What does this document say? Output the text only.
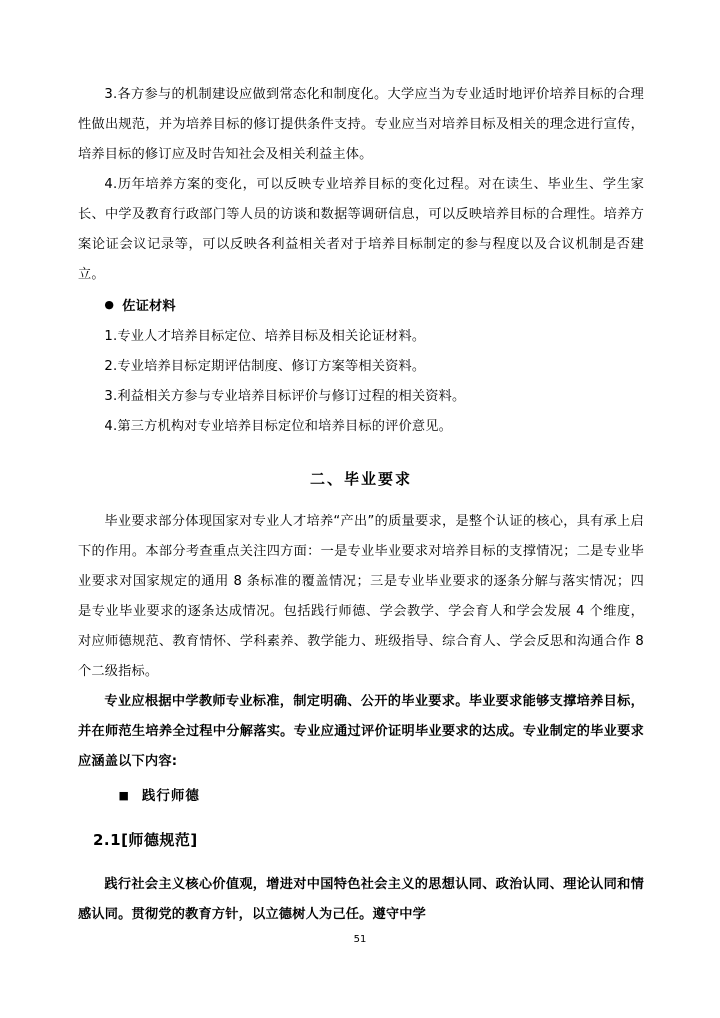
3.各方参与的机制建设应做到常态化和制度化。大学应当为专业适时地评价培养目标的合理性做出规范，并为培养目标的修订提供条件支持。专业应当对培养目标及相关的理念进行宣传，培养目标的修订应及时告知社会及相关利益主体。

4.历年培养方案的变化，可以反映专业培养目标的变化过程。对在读生、毕业生、学生家长、中学及教育行政部门等人员的访谈和数据等调研信息，可以反映培养目标的合理性。培养方案论证会议记录等，可以反映各利益相关者对于培养目标制定的参与程度以及合议机制是否建立。

● 佐证材料

1.专业人才培养目标定位、培养目标及相关论证材料。

2.专业培养目标定期评估制度、修订方案等相关资料。

3.利益相关方参与专业培养目标评价与修订过程的相关资料。

4.第三方机构对专业培养目标定位和培养目标的评价意见。

二、毕业要求

毕业要求部分体现国家对专业人才培养“产出”的质量要求，是整个认证的核心，具有承上启下的作用。本部分考查重点关注四方面：一是专业毕业要求对培养目标的支撑情况；二是专业毕业要求对国家规定的通用 8 条标准的覆盖情况；三是专业毕业要求的逐条分解与落实情况；四是专业毕业要求的逐条达成情况。包括践行师德、学会教学、学会育人和学会发展 4 个维度，对应师德规范、教育情怀、学科素养、教学能力、班级指导、综合育人、学会反思和沟通合作 8 个二级指标。

专业应根据中学教师专业标准，制定明确、公开的毕业要求。毕业要求能够支撑培养目标，并在师范生培养全过程中分解落实。专业应通过评价证明毕业要求的达成。专业制定的毕业要求应涵盖以下内容:

■ 践行师德

2.1[师德规范]

践行社会主义核心价值观，增进对中国特色社会主义的思想认同、政治认同、理论认同和情感认同。贯彻党的教育方针，以立德树人为己任。遵守中学

51
